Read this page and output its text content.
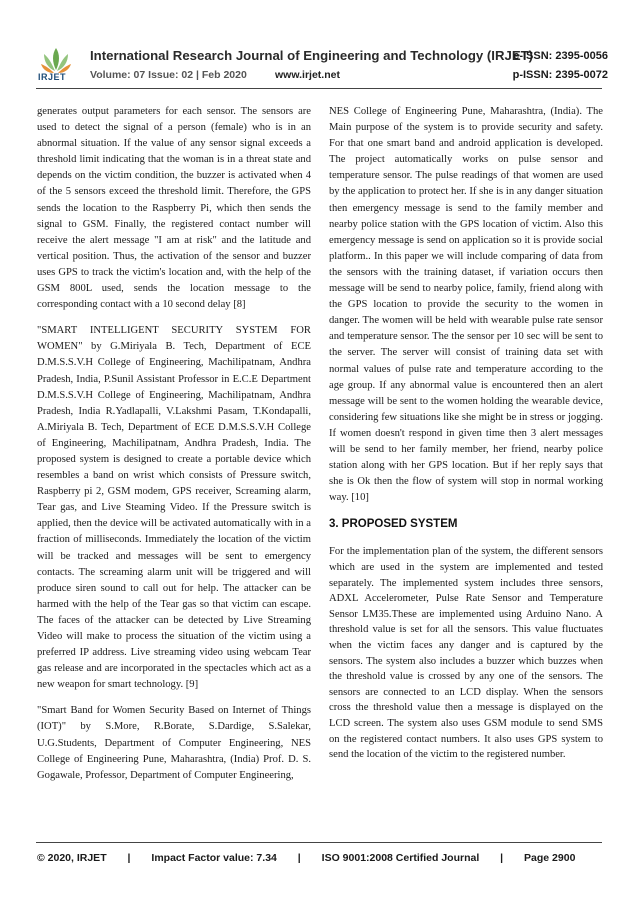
IRJET
International Research Journal of Engineering and Technology (IRJET)
e-ISSN: 2395-0056
Volume: 07 Issue: 02 | Feb 2020	www.irjet.net	p-ISSN: 2395-0072

generates output parameters for each sensor. The sensors are used to detect the signal of a person (female) who is in an abnormal situation. If the value of any sensor signal exceeds a threshold limit indicating that the woman is in a threat state and depends on the victim condition, the buzzer is activated when 4 of the 5 sensors exceed the threshold limit. Therefore, the GPS sends the location to the Raspberry Pi, which then sends the signal to GSM. Finally, the registered contact number will receive the alert message "I am at risk" and the latitude and vertical position. Thus, the activation of the sensor and buzzer uses GPS to track the victim's location and, with the help of the GSM 800L used, sends the location message to the corresponding contact with a 10 second delay [8]

"SMART INTELLIGENT SECURITY SYSTEM FOR WOMEN" by G.Miriyala B. Tech, Department of ECE D.M.S.S.V.H College of Engineering, Machilipatnam, Andhra Pradesh, India, P.Sunil Assistant Professor in E.C.E Department D.M.S.S.V.H College of Engineering, Machilipatnam, Andhra Pradesh, India R.Yadlapalli, V.Lakshmi Pasam, T.Kondapalli, A.Miriyala B. Tech, Department of ECE D.M.S.S.V.H College of Engineering, Machilipatnam, Andhra Pradesh, India. The proposed system is designed to create a portable device which resembles a band on wrist which consists of Pressure switch, Raspberry pi 2, GSM modem, GPS receiver, Screaming alarm, Tear gas, and Live Steaming Video. If the Pressure switch is applied, then the device will be activated automatically with in a fraction of milliseconds. Immediately the location of the victim will be tracked and messages will be sent to emergency contacts. The screaming alarm unit will be triggered and will produce siren sound to call out for help. The attacker can be harmed with the help of the Tear gas so that victim can escape. The faces of the attacker can be detected by Live Streaming Video will make to process the situation of the victim using a preferred IP address. Live streaming video using webcam Tear gas release and are incorporated in the spectacles which act as a new weapon for smart technology. [9]

"Smart Band for Women Security Based on Internet of Things (IOT)" by S.More, R.Borate, S.Dardige, S.Salekar, U.G.Students, Department of Computer Engineering, NES College of Engineering Pune, Maharashtra, (India) Prof. D. S. Gogawale, Professor, Department of Computer Engineering,

NES College of Engineering Pune, Maharashtra, (India). The Main purpose of the system is to provide security and safety. For that one smart band and android application is developed. The project automatically works on pulse sensor and temperature sensor. The pulse readings of that women are used by the application to protect her. If she is in any danger situation then emergency message is send to the family member and nearby police station with the GPS location of victim. Also this emergency message is send on application so it is provide social platform.. In this paper we will include comparing of data from the sensors with the training dataset, if variation occurs then message will be send to nearby police, family, friend along with the GPS location to provide the security to the women in danger. The women will be held with wearable pulse rate sensor and temperature sensor. The the sensor per 10 sec will be sent to the server. The server will consist of training data set with normal values of pulse rate and temperature according to the age group. If any abnormal value is encountered then an alert message will be sent to the women holding the wearable device, considering few situations like she might be in stress or jogging. If women doesn't respond in given time then 3 alert messages will be send to her family member, her friend, nearby police station along with her GPS location. But if her reply says that she is Ok then the flow of system will stop in normal working way. [10]

3. PROPOSED SYSTEM

For the implementation plan of the system, the different sensors which are used in the system are implemented and tested separately. The implemented system includes three sensors, ADXL Accelerometer, Pulse Rate Sensor and Temperature Sensor LM35.These are implemented using Arduino Nano. A threshold value is set for all the sensors. This value fluctuates when the victim faces any danger and is captured by the sensors. The system also includes a buzzer which buzzes when the threshold value is crossed by any one of the sensors. The sensors are connected to an LCD display. When the sensors cross the threshold value then a message is displayed on the LCD screen. The system also uses GSM module to send SMS on the registered contact numbers. It also uses GPS system to send the location of the victim to the registered number.

© 2020, IRJET | Impact Factor value: 7.34 | ISO 9001:2008 Certified Journal | Page 2900
